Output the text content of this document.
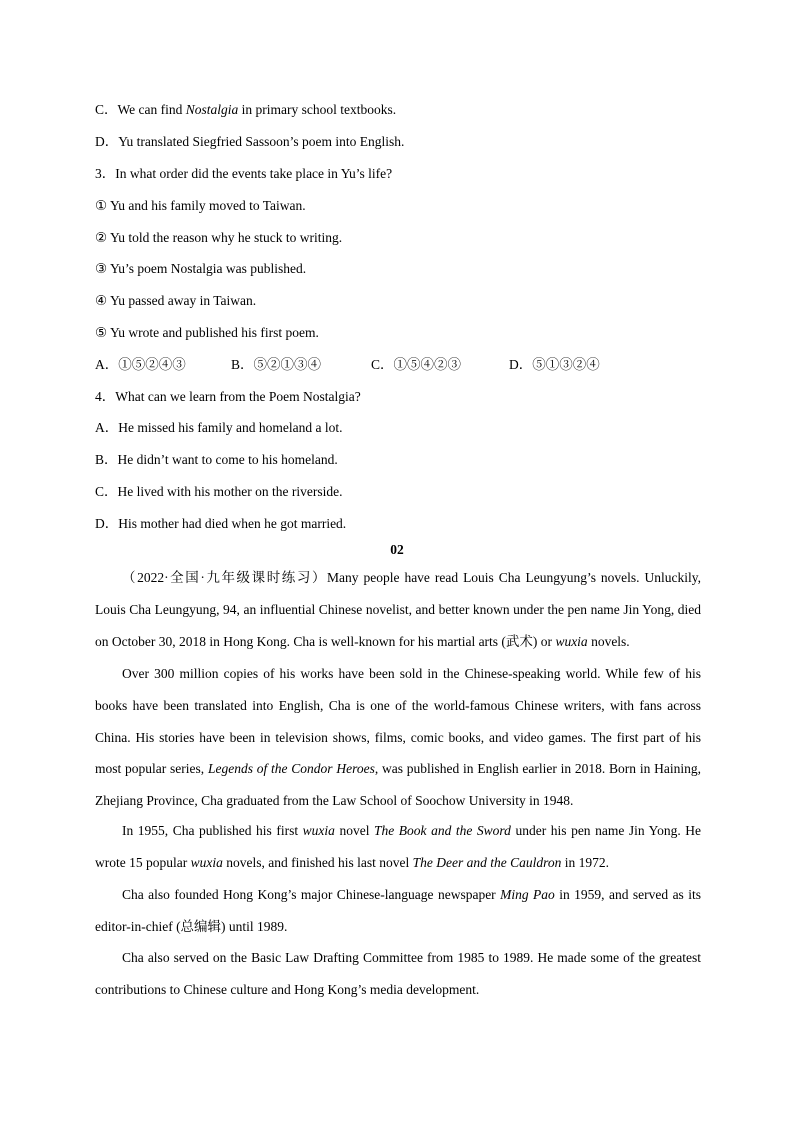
C．We can find Nostalgia in primary school textbooks.
D．Yu translated Siegfried Sassoon’s poem into English.
3．In what order did the events take place in Yu’s life?
① Yu and his family moved to Taiwan.
② Yu told the reason why he stuck to writing.
③ Yu’s poem Nostalgia was published.
④ Yu passed away in Taiwan.
⑤ Yu wrote and published his first poem.
A．①⑤②④③	B．⑤②①③④	C．①⑤④②③	D．⑤①③②④
4．What can we learn from the Poem Nostalgia?
A．He missed his family and homeland a lot.
B．He didn’t want to come to his homeland.
C．He lived with his mother on the riverside.
D．His mother had died when he got married.
02
（2022·全国·九年级课时练习）Many people have read Louis Cha Leungyung’s novels. Unluckily, Louis Cha Leungyung, 94, an influential Chinese novelist, and better known under the pen name Jin Yong, died on October 30, 2018 in Hong Kong. Cha is well-known for his martial arts (武术) or wuxia novels.
Over 300 million copies of his works have been sold in the Chinese-speaking world. While few of his books have been translated into English, Cha is one of the world-famous Chinese writers, with fans across China. His stories have been in television shows, films, comic books, and video games. The first part of his most popular series, Legends of the Condor Heroes, was published in English earlier in 2018. Born in Haining, Zhejiang Province, Cha graduated from the Law School of Soochow University in 1948.
In 1955, Cha published his first wuxia novel The Book and the Sword under his pen name Jin Yong. He wrote 15 popular wuxia novels, and finished his last novel The Deer and the Cauldron in 1972.
Cha also founded Hong Kong’s major Chinese-language newspaper Ming Pao in 1959, and served as its editor-in-chief (总编辑) until 1989.
Cha also served on the Basic Law Drafting Committee from 1985 to 1989. He made some of the greatest contributions to Chinese culture and Hong Kong’s media development.
